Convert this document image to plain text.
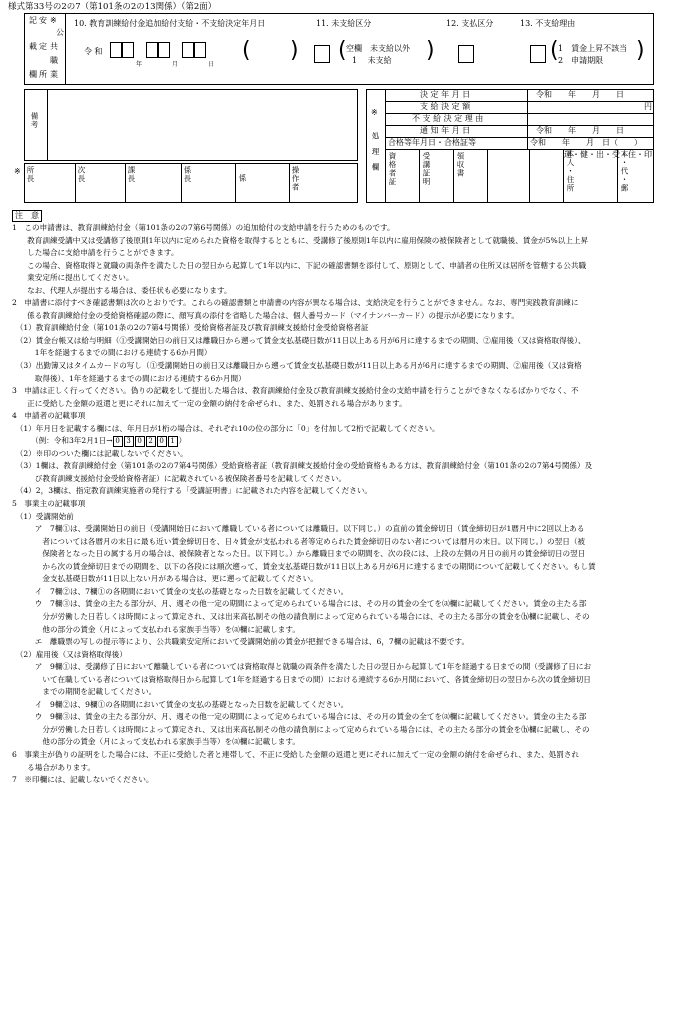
様式第33号の2の7（第101条の2の13関係）（第2面）
記 安 ※
公
載 定 共
職
欄 所 業
10. 教育訓練給付金追加給付支給・不支給決定年月日
令 和
年	月	日
( )
11. 未支給区分
( 空欄　未支給以外
1　 未支給 )
12. 支払区分	13. 不支給理由
( 1　賃金上昇不該当
2　申請期限 )
備考
※ 所長	次長	課長	係長	係	操作者
※
処理欄
決 定 年 月 日	令和　　年　　月　　日
支 給 決 定 額	円
不 支 給 決 定 理 由
通 知 年 月 日	令和　　年　　月　　日
合格等年月日・合格証等	令和　　年　　月　日（　　）
資格者証	受講証明	領収書	本人・住所
運・健・出・受・住・印
本・代・郵
注　意
1　この申請書は、教育訓練給付金（第101条の2の7第6号関係）の追加給付の支給申請を行うためのものです。
　　教育訓練受講中又は受講修了後原則1年以内に定められた資格を取得するとともに、受講修了後原則1年以内に雇用保険の被保険者として就職後、賃金が5%以上上昇
　　した場合に支給申請を行うことができます。
　　この場合、資格取得と就職の両条件を満たした日の翌日から起算して1年以内に、下記の確認書類を添付して、原則として、申請者の住所又は居所を管轄する公共職
　　業安定所に提出してください。
　　なお、代理人が提出する場合は、委任状も必要になります。
2　申請書に添付すべき確認書類は次のとおりです。これらの確認書類と申請書の内容が異なる場合は、支給決定を行うことができません。なお、専門実践教育訓練に
　　係る教育訓練給付金の受給資格確認の際に、顔写真の添付を省略した場合は、個人番号カード（マイナンバーカード）の提示が必要になります。
　（1）教育訓練給付金（第101条の2の7第4号関係）受給資格者証及び教育訓練支援給付金受給資格者証
　（2）賃金台帳又は給与明細（①受講開始日の前日又は離職日から遡って賃金支払基礎日数が11日以上ある月が6月に達するまでの期間、②雇用後（又は資格取得後）、
　　　1年を経過するまでの間における連続する6か月間）
　（3）出勤簿又はタイムカードの写し（①受講開始日の前日又は離職日から遡って賃金支払基礎日数が11日以上ある月が6月に達するまでの期間、②雇用後（又は資格
　　　取得後）、1年を経過するまでの間における連続する6か月間）
3　申請は正しく行ってください。偽りの記載をして提出した場合は、教育訓練給付金及び教育訓練支援給付金の支給申請を行うことができなくなるばかりでなく、不
　　正に受給した金額の返還と更にそれに加えて一定の金額の納付を命ぜられ、また、処罰される場合があります。
4　申請者の記載事項
　（1）年月日を記載する欄には、年月日が1桁の場合は、それぞれ10の位の部分に「0」を付加して2桁で記載してください。
　　　（例：令和3年2月1日→ 0 3 0 2 0 1 ）
　（2）※印のついた欄には記載しないでください。
　（3）1欄は、教育訓練給付金（第101条の2の7第4号関係）受給資格者証（教育訓練支援給付金の受給資格もある方は、教育訓練給付金（第101条の2の7第4号関係）及
　　　び教育訓練支援給付金受給資格者証）に記載されている被保険者番号を記載してください。
　（4）2，3欄は、指定教育訓練実施者の発行する「受講証明書」に記載された内容を記載してください。
5　事業主の記載事項
　（1）受講開始前
　　　ア　7欄①は、受講開始日の前日（受講開始日において離職している者については離職日。以下同じ。）の直前の賃金締切日（賃金締切日が1暦月中に2回以上ある
　　　　者については各暦月の末日に最も近い賃金締切日を、日々賃金が支払われる者等定められた賃金締切日のない者については暦月の末日。以下同じ。）の翌日（被
　　　　保険者となった日の属する月の場合は、被保険者となった日。以下同じ。）から離職日までの期間を、次の段には、上段の左側の月日の前月の賃金締切日の翌日
　　　　から次の賃金締切日までの期間を、以下の各段には順次遡って、賃金支払基礎日数が11日以上ある月が6月に達するまでの期間について記載してください。もし賃
　　　　金支払基礎日数が11日以上ない月がある場合は、更に遡って記載してください。
　　　イ　7欄②は、7欄①の各期間において賃金の支払の基礎となった日数を記載してください。
　　　ウ　7欄③は、賃金の主たる部分が、月、週その他一定の期間によって定められている場合には、その月の賃金の全てを⒜欄に記載してください。賃金の主たる部
　　　　分が労働した日若しくは時間によって算定され、又は出来高払制その他の請負制によって定められている場合には、その主たる部分の賃金を⒝欄に記載し、その
　　　　他の部分の賃金（月によって支払われる家族手当等）を⒜欄に記載します。
　　　エ　離職票の写しの提示等により、公共職業安定所において受講開始前の賃金が把握できる場合は、6，7欄の記載は不要です。
　（2）雇用後（又は資格取得後）
　　　ア　9欄①は、受講修了日において離職している者については資格取得と就職の両条件を満たした日の翌日から起算して1年を経過する日までの間（受講修了日にお
　　　　いて在職している者については資格取得日から起算して1年を経過する日までの間）における連続する6か月間において、各賃金締切日の翌日から次の賃金締切日
　　　　までの期間を記載してください。
　　　イ　9欄②は、9欄①の各期間において賃金の支払の基礎となった日数を記載してください。
　　　ウ　9欄③は、賃金の主たる部分が、月、週その他一定の期間によって定められている場合には、その月の賃金の全てを⒜欄に記載してください。賃金の主たる部
　　　　分が労働した日若しくは時間によって算定され、又は出来高払制その他の請負制によって定められている場合には、その主たる部分の賃金を⒝欄に記載し、その
　　　　他の部分の賃金（月によって支払われる家族手当等）を⒜欄に記載します。
6　事業主が偽りの証明をした場合には、不正に受給した者と連帯して、不正に受給した金額の返還と更にそれに加えて一定の金額の納付を命ぜられ、また、処罰され
　　る場合があります。
7　※印欄には、記載しないでください。
